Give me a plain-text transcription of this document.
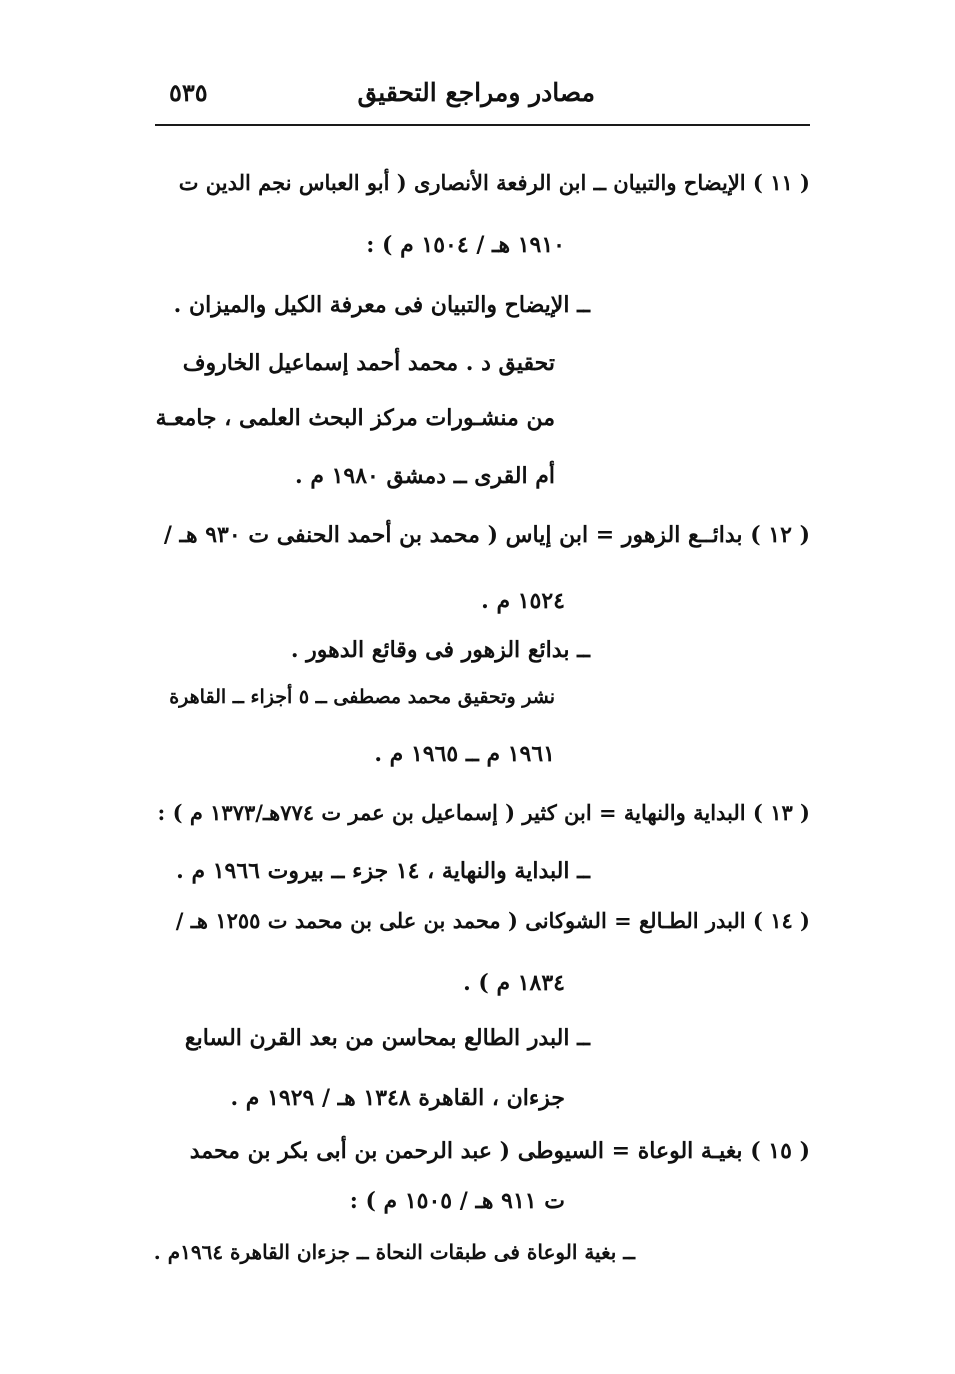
مصادر ومراجع التحقيق
٥٣٥
( ١١ ) الإيضاح والتبيان ــ ابن الرفعة الأنصارى ( أبو العباس نجم الدين ت
١٩١٠ هـ / ١٥٠٤ م ) :
ــ الإيضاح والتبيان فى معرفة الكيل والميزان .
تحقيق د . محمد أحمد إسماعيل الخاروف
من منشـورات مركز البحث العلمى ، جامعـة
أم القرى ــ دمشق ١٩٨٠ م .
( ١٢ ) بدائــع الزهور = ابن إياس ( محمد بن أحمد الحنفى ت ٩٣٠ هـ /
١٥٢٤ م .
ــ بدائع الزهور فى وقائع الدهور .
نشر وتحقيق محمد مصطفى ــ ٥ أجزاء ــ القاهرة
١٩٦١ م ــ ١٩٦٥ م .
( ١٣ ) البداية والنهاية = ابن كثير ( إسماعيل بن عمر ت ٧٧٤هـ/١٣٧٣ م ) :
ــ البداية والنهاية ، ١٤ جزء ــ بيروت ١٩٦٦ م .
( ١٤ ) البدر الطـالع = الشوكانى ( محمد بن على بن محمد ت ١٢٥٥ هـ /
١٨٣٤ م ) .
ــ البدر الطالع بمحاسن من بعد القرن السابع
جزءان ، القاهرة ١٣٤٨ هـ / ١٩٢٩ م .
( ١٥ ) بغيـة الوعاة = السيوطى ( عبد الرحمن بن أبى بكر بن محمد
ت ٩١١ هـ / ١٥٠٥ م ) :
ــ بغية الوعاة فى طبقات النحاة ــ جزءان القاهرة ١٩٦٤م .
